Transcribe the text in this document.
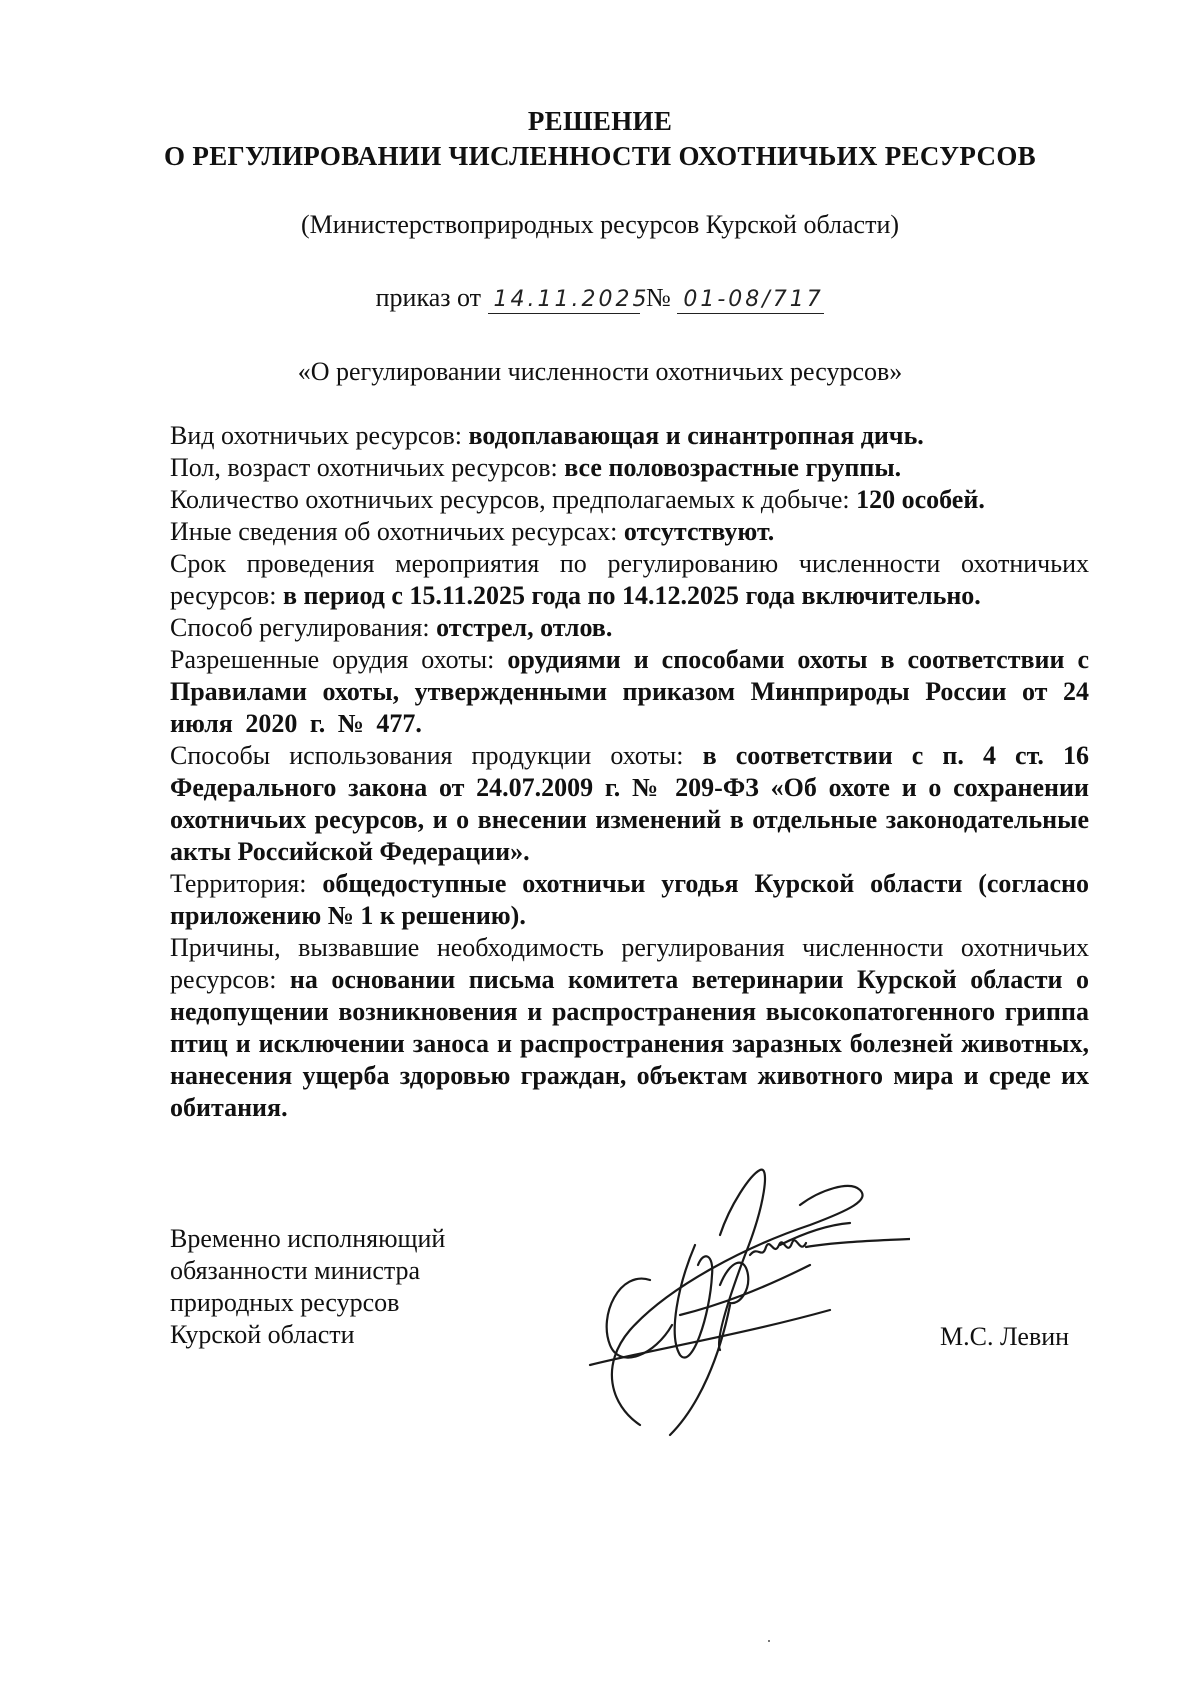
РЕШЕНИЕ
О РЕГУЛИРОВАНИИ ЧИСЛЕННОСТИ ОХОТНИЧЬИХ РЕСУРСОВ
(Министерствоприродных ресурсов Курской области)
приказ от 14.11.2025 № 01-08/717
«О регулировании численности охотничьих ресурсов»

Вид охотничьих ресурсов: водоплавающая и синантропная дичь.

Пол, возраст охотничьих ресурсов: все половозрастные группы.

Количество охотничьих ресурсов, предполагаемых к добыче: 120 особей.

Иные сведения об охотничьих ресурсах: отсутствуют.

Срок проведения мероприятия по регулированию численности охотничьих ресурсов: в период с 15.11.2025 года по 14.12.2025 года включительно.

Способ регулирования: отстрел, отлов.

Разрешенные орудия охоты: орудиями и способами охоты в соответствии с Правилами охоты, утвержденными приказом Минприроды России от 24 июля 2020 г. № 477.

Способы использования продукции охоты: в соответствии с п. 4 ст. 16 Федерального закона от 24.07.2009 г. № 209-ФЗ «Об охоте и о сохранении охотничьих ресурсов, и о внесении изменений в отдельные законодательные акты Российской Федерации».

Территория: общедоступные охотничьи угодья Курской области (согласно приложению № 1 к решению).

Причины, вызвавшие необходимость регулирования численности охотничьих ресурсов: на основании письма комитета ветеринарии Курской области о недопущении возникновения и распространения высокопатогенного гриппа птиц и исключении заноса и распространения заразных болезней животных, нанесения ущерба здоровью граждан, объектам животного мира и среде их обитания.

Временно исполняющий
обязанности министра
природных ресурсов
Курской области	М.С. Левин
